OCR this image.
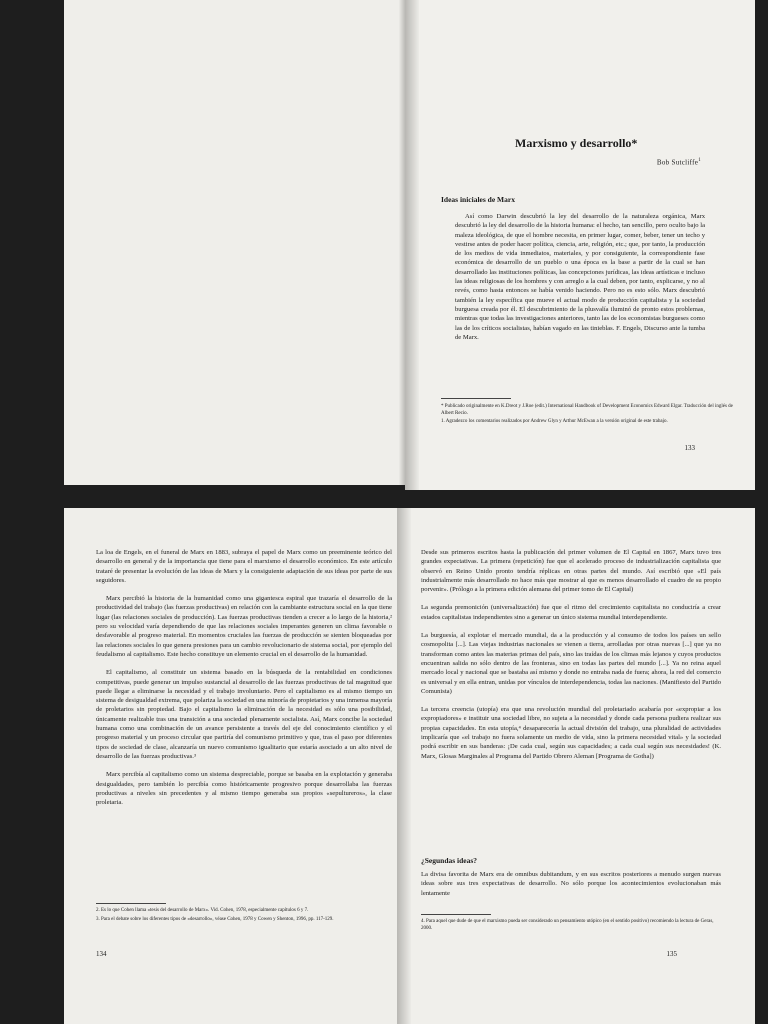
Marxismo y desarrollo*
Bob Sutcliffe$^1$
Ideas iniciales de Marx

Así como Darwin descubrió la ley del desarrollo de la naturaleza orgánica, Marx descubrió la ley del desarrollo de la historia humana: el hecho, tan sencillo, pero oculto bajo la maleza ideológica, de que el hombre necesita, en primer lugar, comer, beber, tener un techo y vestirse antes de poder hacer política, ciencia, arte, religión, etc.; que, por tanto, la producción de los medios de vida inmediatos, materiales, y por consiguiente, la correspondiente fase económica de desarrollo de un pueblo o una época es la base a partir de la cual se han desarrollado las instituciones políticas, las concepciones jurídicas, las ideas artísticas e incluso las ideas religiosas de los hombres y con arreglo a la cual deben, por tanto, explicarse, y no al revés, como hasta entonces se había venido haciendo. Pero no es esto sólo. Marx descubrió también la ley específica que mueve el actual modo de producción capitalista y la sociedad burguesa creada por él. El descubrimiento de la plusvalía iluminó de pronto estos problemas, mientras que todas las investigaciones anteriores, tanto las de los economistas burgueses como las de los críticos socialistas, habían vagado en las tinieblas. F. Engels, Discurso ante la tumba de Marx.

* Publicado originalmente en K.Dreot y J.Roe (edit.) International Handbook of Development Economics Edward Elgar. Traducción del inglés de Albert Recio.
1. Agradezco los comentarios realizados por Andrew Glyn y Arthur McEwan a la versión original de este trabajo.
133

La loa de Engels, en el funeral de Marx en 1883, subraya el papel de Marx como un preeminente teórico del desarrollo en general y de la importancia que tiene para el marxismo el desarrollo económico. En este artículo trataré de presentar la evolución de las ideas de Marx y la consiguiente adaptación de sus ideas por parte de sus seguidores.

Marx percibió la historia de la humanidad como una gigantesca espiral que trazaría el desarrollo de la productividad del trabajo (las fuerzas productivas) en relación con la cambiante estructura social en la que tiene lugar (las relaciones sociales de producción). Las fuerzas productivas tienden a crecer a lo largo de la historia,² pero su velocidad varía dependiendo de que las relaciones sociales imperantes generen un clima favorable o desfavorable al progreso material. En momentos cruciales las fuerzas de producción se sienten bloqueadas por las relaciones sociales lo que genera presiones para un cambio revolucionario de sistema social, por ejemplo del feudalismo al capitalismo. Este hecho constituye un elemento crucial en el desarrollo de la humanidad.

El capitalismo, al constituir un sistema basado en la búsqueda de la rentabilidad en condiciones competitivas, puede generar un impulso sustancial al desarrollo de las fuerzas productivas de tal magnitud que puede llegar a eliminarse la necesidad y el trabajo involuntario. Pero el capitalismo es al mismo tiempo un sistema de desigualdad extrema, que polariza la sociedad en una minoría de propietarios y una inmensa mayoría de proletarios sin propiedad. Bajo el capitalismo la eliminación de la necesidad es sólo una posibilidad, únicamente realizable tras una transición a una sociedad plenamente socialista. Así, Marx concibe la sociedad humana como una combinación de un avance persistente a través del eje del conocimiento científico y el progreso material y un proceso circular que partiría del comunismo primitivo y que, tras el paso por diferentes tipos de sociedad de clase, alcanzaría un nuevo comunismo igualitario que estaría asociado a un alto nivel de desarrollo de las fuerzas productivas.³

Marx percibía al capitalismo como un sistema despreciable, porque se basaba en la explotación y generaba desigualdades, pero también lo percibía como históricamente progresivo porque desarrollaba las fuerzas productivas a niveles sin precedentes y al mismo tiempo generaba sus propios «sepultureros», la clase proletaria.

2. Es lo que Cohen llama «tesis del desarrollo de Marx». Vid. Cohen, 1978, especialmente capítulos 6 y 7.
3. Para el debate sobre los diferentes tipos de «desarrollo», véase Cohen, 1978 y Cowen y Shenton, 1996, pp. 117-129.
134

Desde sus primeros escritos hasta la publicación del primer volumen de El Capital en 1867, Marx tuvo tres grandes expectativas. La primera (repetición) fue que el acelerado proceso de industrialización capitalista que observó en Reino Unido pronto tendría réplicas en otras partes del mundo. Así escribió que «El país industrialmente más desarrollado no hace más que mostrar al que es menos desarrollado el cuadro de su propio porvenir». (Prólogo a la primera edición alemana del primer tomo de El Capital)

La segunda premonición (universalización) fue que el ritmo del crecimiento capitalista no conduciría a crear estados capitalistas independientes sino a generar un único sistema mundial interdependiente.

La burguesía, al explotar el mercado mundial, da a la producción y al consumo de todos los países un sello cosmopolita [...]. Las viejas industrias nacionales se vienen a tierra, arrolladas por otras nuevas [...] que ya no transforman como antes las materias primas del país, sino las traídas de los climas más lejanos y cuyos productos encuentran salida no sólo dentro de las fronteras, sino en todas las partes del mundo [...]. Ya no reina aquel mercado local y nacional que se bastaba así mismo y donde no entraba nada de fuera; ahora, la red del comercio es universal y en ella entran, unidas por vínculos de interdependencia, todas las naciones. (Manifiesto del Partido Comunista)

La tercera creencia (utopía) era que una revolución mundial del proletariado acabaría por «expropiar a los expropiadores» e instituir una sociedad libre, no sujeta a la necesidad y donde cada persona pudiera realizar sus propias capacidades. En esta utopía,⁴ desaparecería la actual división del trabajo, una pluralidad de actividades implicaría que «el trabajo no fuera solamente un medio de vida, sino la primera necesidad vital» y la sociedad podrá escribir en sus banderas: ¡De cada cual, según sus capacidades; a cada cual según sus necesidades! (K. Marx, Glosas Marginales al Programa del Partido Obrero Aleman [Programa de Gotha])

¿Segundas ideas?

La divisa favorita de Marx era de omnibus dubitandum, y en sus escritos posteriores a menudo surgen nuevas ideas sobre sus tres expectativas de desarrollo. No sólo porque los acontecimientos evolucionaban más lentamente

4. Para aquel que dude de que el marxismo pueda ser considerado un pensamiento utópico (en el sentido positivo) recomiendo la lectura de Geras, 2000.
135
